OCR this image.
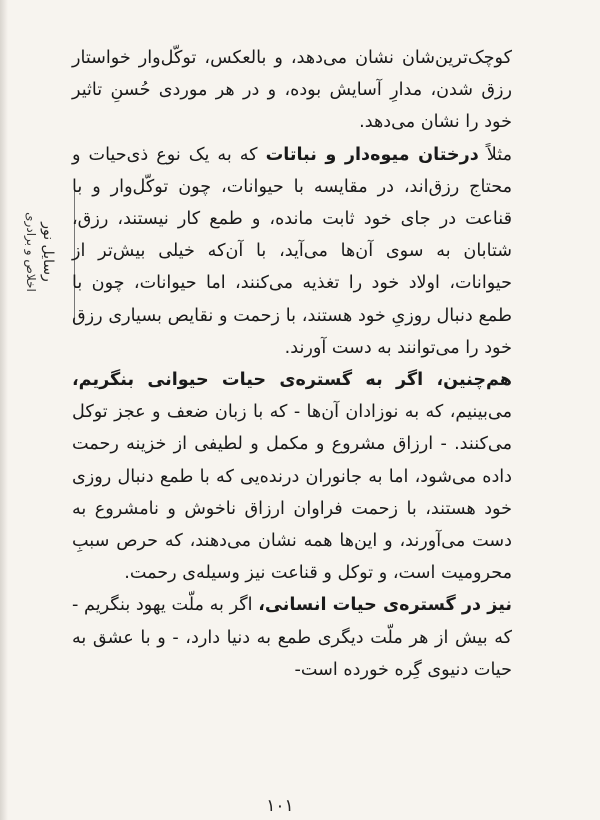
رسایل نور
اخلاص و برادری

کوچک‌ترین‌شان نشان می‌دهد، و بالعکس، توکّل‌وار خواستار رزق شدن، مدارِ آسایش بوده، و در هر موردی حُسنِ تاثیر خود را نشان می‌دهد.

مثلاً درختان میوه‌دار و نباتات که به یک نوع ذی‌حیات و محتاج رزق‌اند، در مقایسه با حیوانات، چون توکّل‌وار و با قناعت در جای خود ثابت مانده، و طمع کار نیستند، رزق، شتابان به سوی آن‌ها می‌آید، با آن‌که خیلی بیش‌تر از حیوانات، اولاد خود را تغذیه می‌کنند، اما حیوانات، چون با طمع دنبال روزیِ خود هستند، با زحمت و نقایص بسیاری رزق خود را می‌توانند به دست آورند.

هم‌چنین، اگر به گستره‌ی حیات حیوانی بنگریم، می‌بینیم، که به نوزادان آن‌ها - که با زبان ضعف و عجز توکل می‌کنند. - ارزاق مشروع و مکمل و لطیفی از خزینه رحمت داده می‌شود، اما به جانوران درنده‌یی که با طمع دنبال روزی خود هستند، با زحمت فراوان ارزاق ناخوش و نامشروع به دست می‌آورند، و این‌ها همه نشان می‌دهند، که حرص سببِ محرومیت است، و توکل و قناعت نیز وسیله‌ی رحمت.

نیز در گستره‌ی حیات انسانی، اگر به ملّت یهود بنگریم - که بیش از هر ملّت دیگری طمع به دنیا دارد، - و با عشق به حیات دنیوی گِره خورده است-

۱۰۱
